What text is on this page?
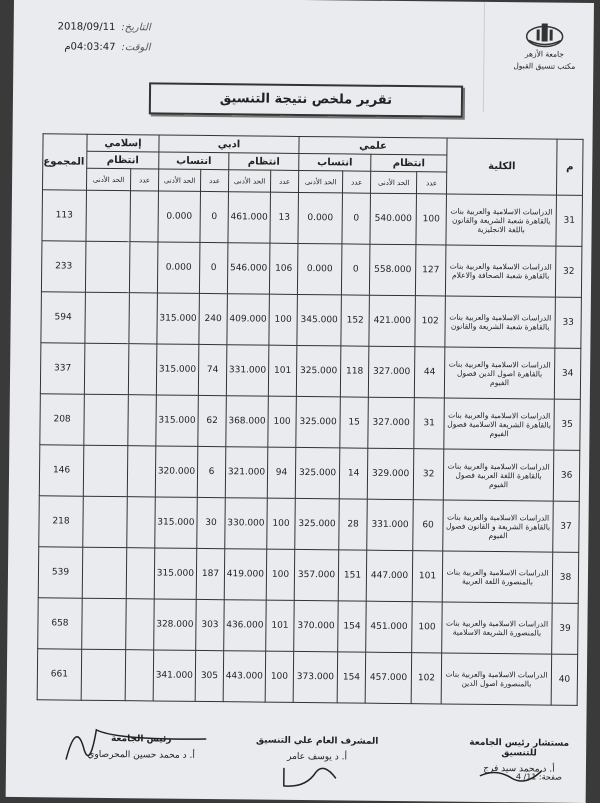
التاريخ:
2018/09/11
الوقت:
04:03:47م
جامعة الأزهر
مكتب تنسيق القبول
تقرير ملخص نتيجة التنسيق
م	الكلية	علمي				ادبي				إسلامي		المجموع
		انتظام		انتساب		انتظام		انتساب		انتظام		
		عدد	الحد الأدنى	عدد	الحد الأدنى	عدد	الحد الأدنى	عدد	الحد الأدنى	عدد	الحد الأدنى	
31	الدراسات الاسلامية والعربية بنات بالقاهرة شعبة الشريعة والقانون باللغة الانجليزية	100	540.000	0	0.000	13	461.000	0	0.000			113
32	الدراسات الاسلامية والعربية بنات بالقاهرة شعبة الصحافة والاعلام	127	558.000	0	0.000	106	546.000	0	0.000			233
33	الدراسات الاسلامية والعربية بنات بالقاهرة شعبة الشريعة والقانون	102	421.000	152	345.000	100	409.000	240	315.000			594
34	الدراسات الاسلامية والعربية بنات بالقاهرة اصول الدين فصول الفيوم	44	327.000	118	325.000	101	331.000	74	315.000			337
35	الدراسات الاسلامية والعربية بنات بالقاهرة الشريعة الاسلامية فصول الفيوم	31	327.000	15	325.000	100	368.000	62	315.000			208
36	الدراسات الاسلامية والعربية بنات بالقاهرة اللغة العربية فصول الفيوم	32	329.000	14	325.000	94	321.000	6	320.000			146
37	الدراسات الاسلامية والعربية بنات بالقاهرة الشريعة و القانون فصول الفيوم	60	331.000	28	325.000	100	330.000	30	315.000			218
38	الدراسات الاسلامية والعربية بنات بالمنصورة اللغة العربية	101	447.000	151	357.000	100	419.000	187	315.000			539
39	الدراسات الاسلامية والعربية بنات بالمنصورة الشريعة الاسلامية	100	451.000	154	370.000	101	436.000	303	328.000			658
40	الدراسات الاسلامية والعربية بنات بالمنصورة اصول الدين	102	457.000	154	373.000	100	443.000	305	341.000			661
مستشار رئيس الجامعة للتنسيق
أ. د محمد سيد فرج
المشرف العام علي التنسيق
أ. د يوسف عامر
رئيس الجامعة
أ. د محمد حسين المحرصاوي
صفحة: 11/ 4
